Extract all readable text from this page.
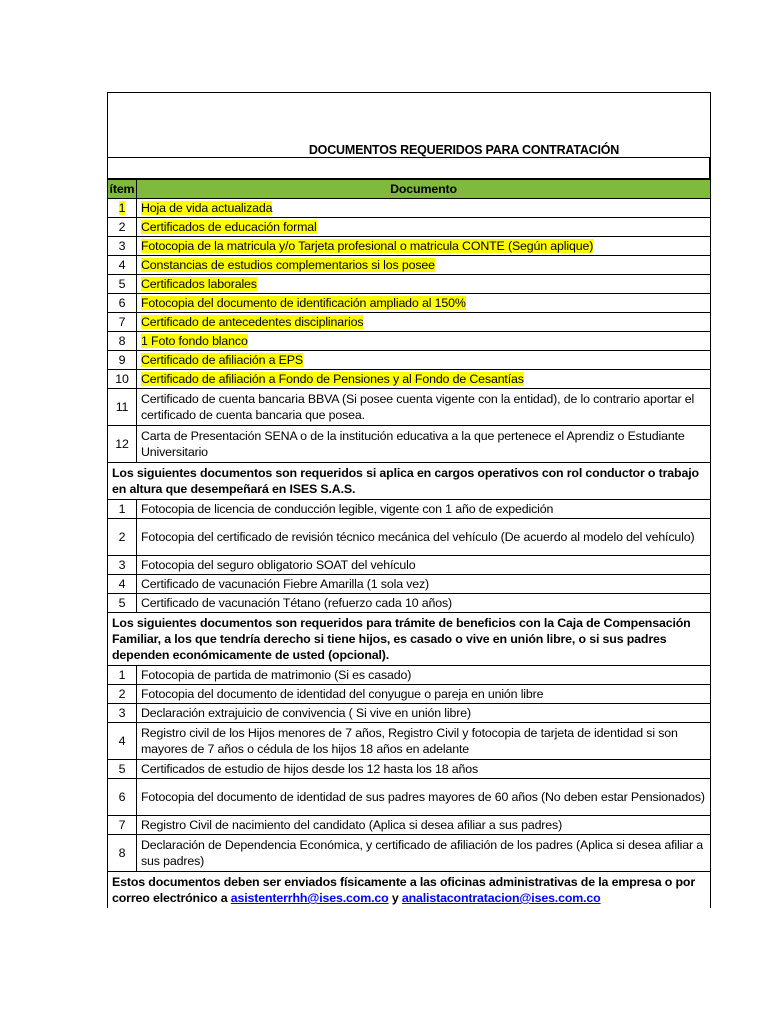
DOCUMENTOS REQUERIDOS PARA CONTRATACIÓN
ítem	Documento
1	Hoja de vida actualizada
2	Certificados de educación formal
3	Fotocopia de la matricula y/o Tarjeta profesional o matricula CONTE (Según aplique)
4	Constancias de estudios complementarios si los posee
5	Certificados laborales
6	Fotocopia del documento de identificación ampliado al 150%
7	Certificado de antecedentes disciplinarios
8	1 Foto fondo blanco
9	Certificado de afiliación a EPS
10	Certificado de afiliación a Fondo de Pensiones y al Fondo de Cesantías
11	Certificado de cuenta bancaria BBVA (Si posee cuenta vigente con la entidad), de lo contrario aportar el certificado de cuenta bancaria que posea.
12	Carta de Presentación SENA o de la institución educativa a la que pertenece el Aprendiz o Estudiante Universitario
Los siguientes documentos son requeridos si aplica en cargos operativos con rol conductor o trabajo en altura que desempeñará en ISES S.A.S.	
1	Fotocopia de licencia de conducción legible, vigente con 1 año de expedición
2	Fotocopia del certificado de revisión técnico mecánica del vehículo (De acuerdo al modelo del vehículo)
3	Fotocopia del seguro obligatorio SOAT del vehículo
4	Certificado de vacunación Fiebre Amarilla (1 sola vez)
5	Certificado de vacunación Tétano (refuerzo cada 10 años)
Los siguientes documentos son requeridos para trámite de beneficios con la Caja de Compensación Familiar, a los que tendría derecho si tiene hijos, es casado o vive en unión libre, o si sus padres dependen económicamente de usted (opcional).	
1	Fotocopia de partida de matrimonio (Si es casado)
2	Fotocopia del documento de identidad del conyugue o pareja en unión libre
3	Declaración extrajuicio de convivencia ( Si vive en unión libre)
4	Registro civil de los Hijos menores de 7 años, Registro Civil y fotocopia de tarjeta de identidad si son mayores de 7 años o cédula de los hijos 18 años en adelante
5	Certificados de estudio de hijos desde los 12 hasta los 18 años
6	Fotocopia del documento de identidad de sus padres mayores de 60 años (No deben estar Pensionados)
7	Registro Civil de nacimiento del candidato (Aplica si desea afiliar a sus padres)
8	Declaración de Dependencia Económica, y certificado de afiliación de los padres (Aplica si desea afiliar a sus padres)
Estos documentos deben ser enviados físicamente a las oficinas administrativas de la empresa o por correo electrónico a asistenterrhh@ises.com.co y analistacontratacion@ises.com.co	
